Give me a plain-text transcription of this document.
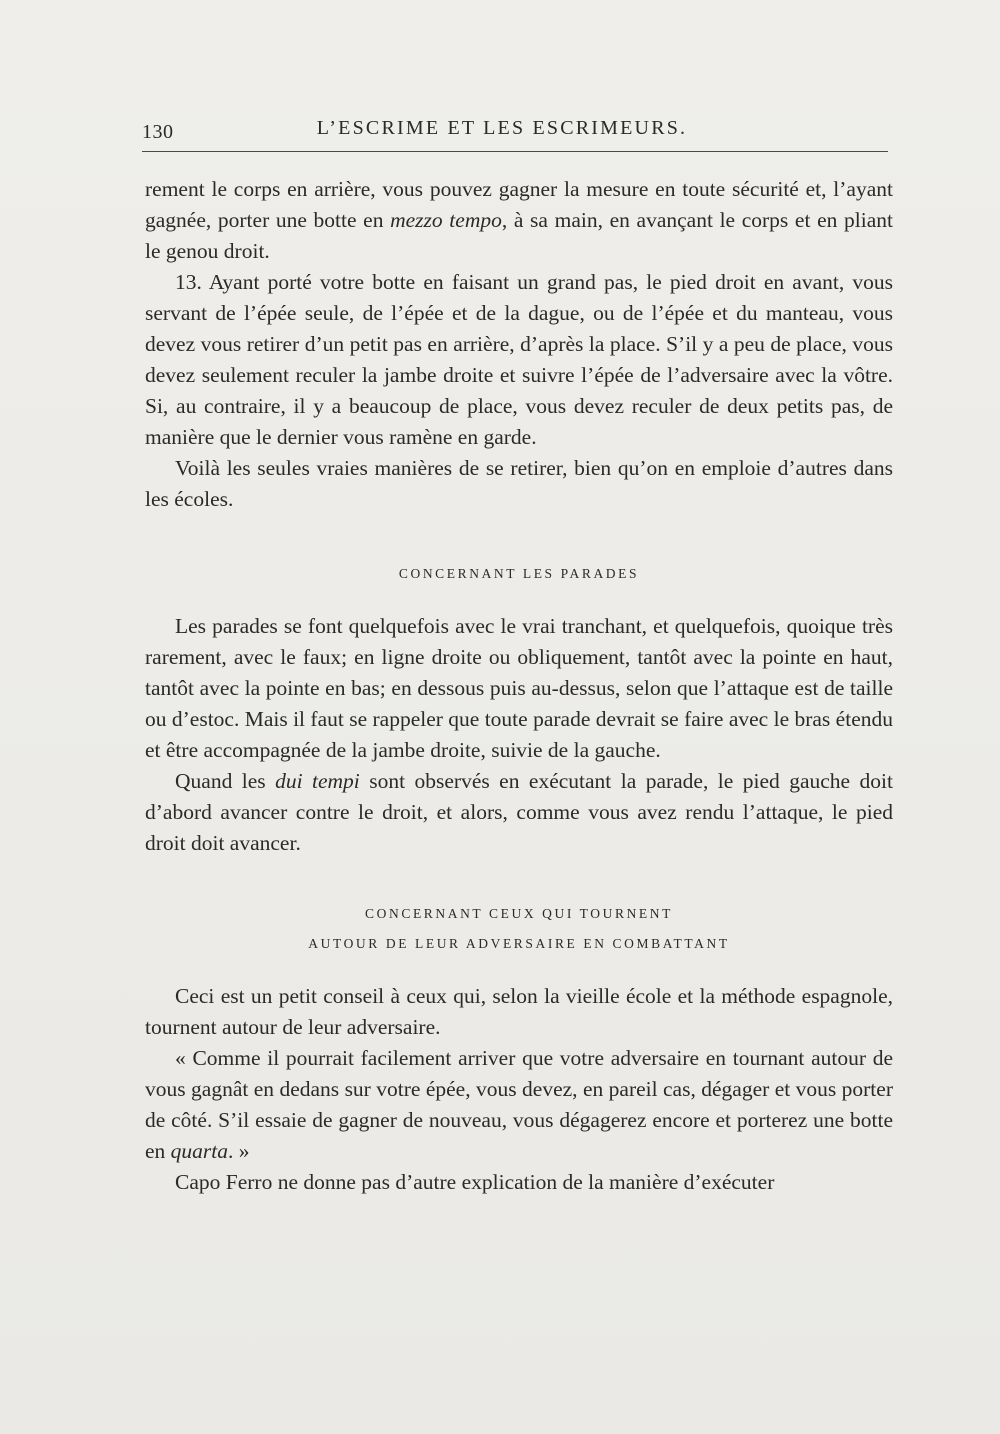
130	L’ESCRIME ET LES ESCRIMEURS.

rement le corps en arrière, vous pouvez gagner la mesure en toute sécurité et, l’ayant gagnée, porter une botte en mezzo tempo, à sa main, en avançant le corps et en pliant le genou droit.

13. Ayant porté votre botte en faisant un grand pas, le pied droit en avant, vous servant de l’épée seule, de l’épée et de la dague, ou de l’épée et du manteau, vous devez vous retirer d’un petit pas en arrière, d’après la place. S’il y a peu de place, vous devez seulement reculer la jambe droite et suivre l’épée de l’adversaire avec la vôtre. Si, au contraire, il y a beaucoup de place, vous devez reculer de deux petits pas, de manière que le dernier vous ramène en garde.

Voilà les seules vraies manières de se retirer, bien qu’on en emploie d’autres dans les écoles.

CONCERNANT LES PARADES

Les parades se font quelquefois avec le vrai tranchant, et quelquefois, quoique très rarement, avec le faux; en ligne droite ou obliquement, tantôt avec la pointe en haut, tantôt avec la pointe en bas; en dessous puis au-dessus, selon que l’attaque est de taille ou d’estoc. Mais il faut se rappeler que toute parade devrait se faire avec le bras étendu et être accompagnée de la jambe droite, suivie de la gauche.

Quand les dui tempi sont observés en exécutant la parade, le pied gauche doit d’abord avancer contre le droit, et alors, comme vous avez rendu l’attaque, le pied droit doit avancer.

CONCERNANT CEUX QUI TOURNENT

AUTOUR DE LEUR ADVERSAIRE EN COMBATTANT

Ceci est un petit conseil à ceux qui, selon la vieille école et la méthode espagnole, tournent autour de leur adversaire.

« Comme il pourrait facilement arriver que votre adversaire en tournant autour de vous gagnât en dedans sur votre épée, vous devez, en pareil cas, dégager et vous porter de côté. S’il essaie de gagner de nouveau, vous dégagerez encore et porterez une botte en quarta. »

Capo Ferro ne donne pas d’autre explication de la manière d’exécuter
